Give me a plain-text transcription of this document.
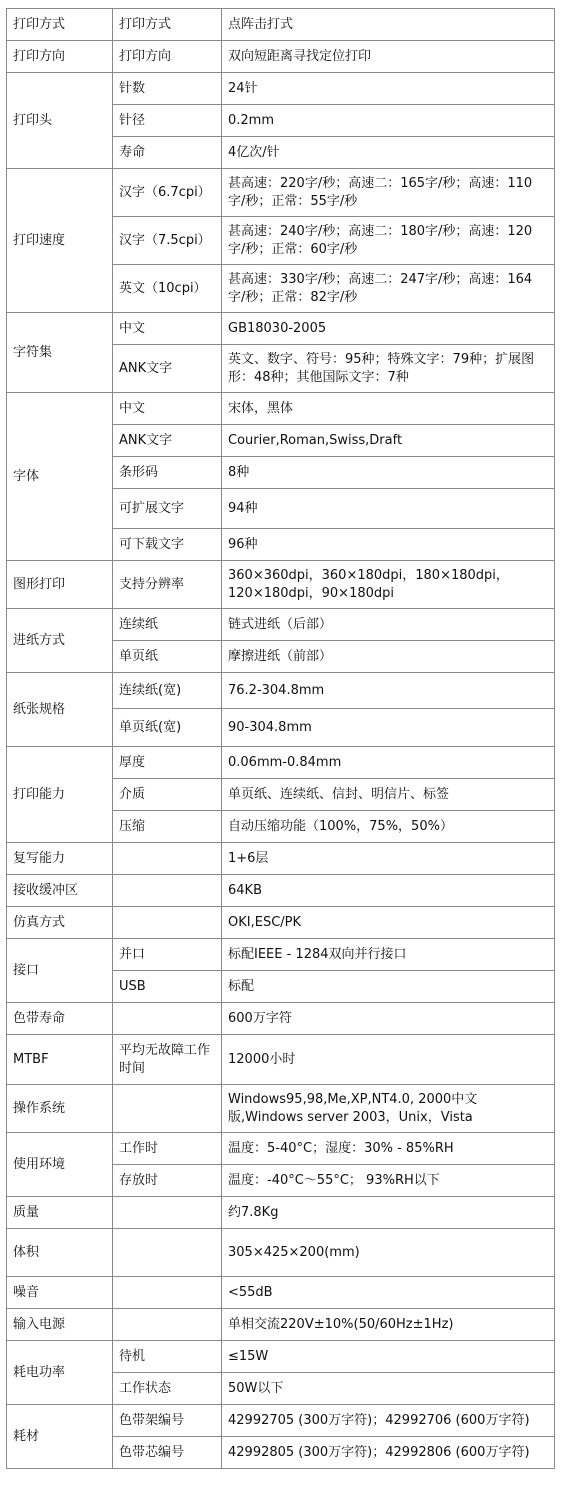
打印方式	打印方式	点阵击打式
打印方向	打印方向	双向短距离寻找定位打印
打印头	针数	24针
	针径	0.2mm
	寿命	4亿次/针
打印速度	汉字（6.7cpi）	甚高速：220字/秒；高速二：165字/秒；高速：110字/秒；正常：55字/秒
	汉字（7.5cpi）	甚高速：240字/秒；高速二：180字/秒；高速：120字/秒；正常：60字/秒
	英文（10cpi）	甚高速：330字/秒；高速二：247字/秒；高速：164字/秒；正常：82字/秒
字符集	中文	GB18030-2005
	ANK文字	英文、数字、符号：95种；特殊文字：79种；扩展图形：48种；其他国际文字：7种
字体	中文	宋体，黑体
	ANK文字	Courier,Roman,Swiss,Draft
	条形码	8种
	可扩展文字	94种
	可下载文字	96种
图形打印	支持分辨率	360×360dpi，360×180dpi，180×180dpi，120×180dpi，90×180dpi
进纸方式	连续纸	链式进纸（后部）
	单页纸	摩擦进纸（前部）
纸张规格	连续纸(宽)	76.2-304.8mm
	单页纸(宽)	90-304.8mm
打印能力	厚度	0.06mm-0.84mm
	介质	单页纸、连续纸、信封、明信片、标签
	压缩	自动压缩功能（100%，75%，50%）
复写能力		1+6层
接收缓冲区		64KB
仿真方式		OKI,ESC/PK
接口	并口	标配IEEE - 1284双向并行接口
	USB	标配
色带寿命		600万字符
MTBF	平均无故障工作时间	12000小时
操作系统		Windows95,98,Me,XP,NT4.0, 2000中文版,Windows server 2003，Unix，Vista
使用环境	工作时	温度：5-40°C；湿度：30% - 85%RH
	存放时	温度：-40°C～55°C； 93%RH以下
质量		约7.8Kg
体积		305×425×200(mm)
噪音		<55dB
输入电源		单相交流220V±10%(50/60Hz±1Hz)
耗电功率	待机	≤15W
	工作状态	50W以下
耗材	色带架编号	42992705 (300万字符)；42992706 (600万字符)
	色带芯编号	42992805 (300万字符)；42992806 (600万字符)
